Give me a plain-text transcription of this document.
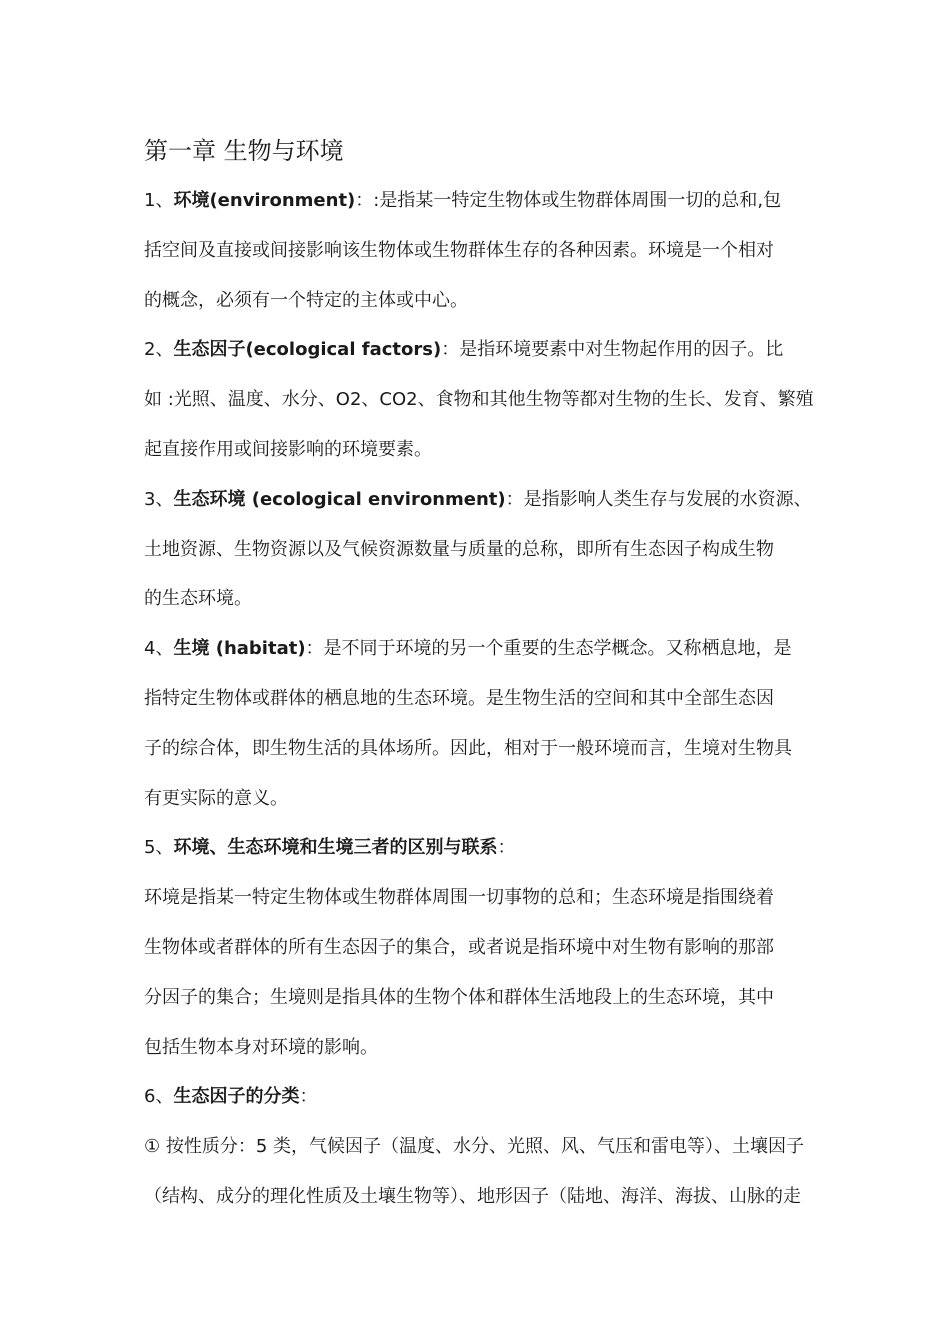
第一章 生物与环境

1、环境(environment)：:是指某一特定生物体或生物群体周围一切的总和,包

括空间及直接或间接影响该生物体或生物群体生存的各种因素。环境是一个相对

的概念，必须有一个特定的主体或中心。

2、生态因子(ecological factors)：是指环境要素中对生物起作用的因子。比

如 :光照、温度、水分、O2、CO2、食物和其他生物等都对生物的生长、发育、繁殖

起直接作用或间接影响的环境要素。

3、生态环境 (ecological environment)：是指影响人类生存与发展的水资源、

土地资源、生物资源以及气候资源数量与质量的总称，即所有生态因子构成生物

的生态环境。

4、生境 (habitat)：是不同于环境的另一个重要的生态学概念。又称栖息地，是

指特定生物体或群体的栖息地的生态环境。是生物生活的空间和其中全部生态因

子的综合体，即生物生活的具体场所。因此，相对于一般环境而言，生境对生物具

有更实际的意义。

5、环境、生态环境和生境三者的区别与联系：

环境是指某一特定生物体或生物群体周围一切事物的总和；生态环境是指围绕着

生物体或者群体的所有生态因子的集合，或者说是指环境中对生物有影响的那部

分因子的集合；生境则是指具体的生物个体和群体生活地段上的生态环境，其中

包括生物本身对环境的影响。

6、生态因子的分类：

① 按性质分：5 类，气候因子（温度、水分、光照、风、气压和雷电等）、土壤因子

（结构、成分的理化性质及土壤生物等）、地形因子（陆地、海洋、海拔、山脉的走
